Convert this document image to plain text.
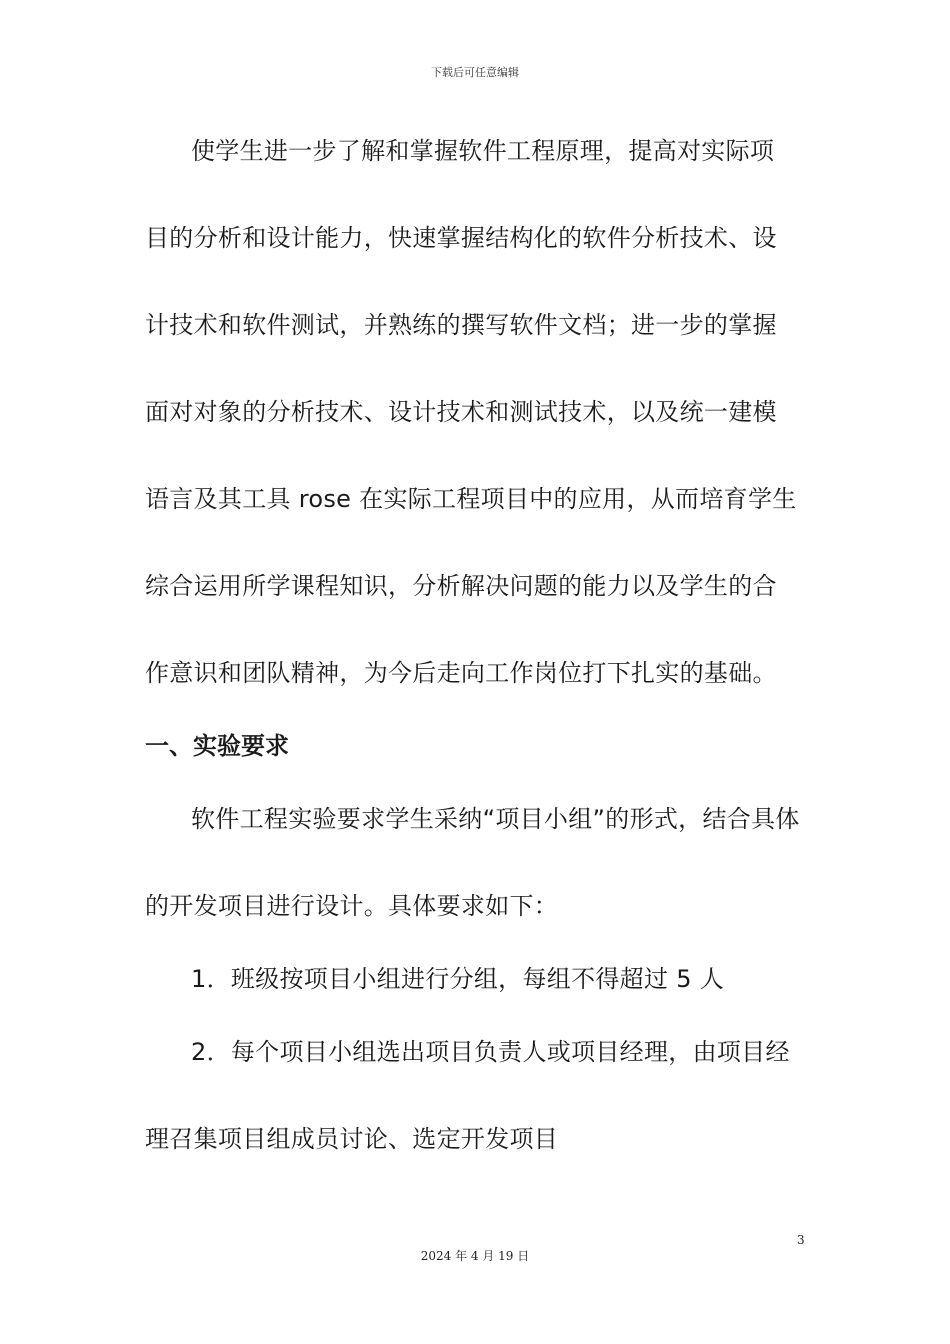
下载后可任意编辑
使学生进一步了解和掌握软件工程原理，提高对实际项
目的分析和设计能力，快速掌握结构化的软件分析技术、设
计技术和软件测试，并熟练的撰写软件文档；进一步的掌握
面对对象的分析技术、设计技术和测试技术，以及统一建模
语言及其工具 rose 在实际工程项目中的应用，从而培育学生
综合运用所学课程知识，分析解决问题的能力以及学生的合
作意识和团队精神，为今后走向工作岗位打下扎实的基础。
一、实验要求
软件工程实验要求学生采纳“项目小组”的形式，结合具体
的开发项目进行设计。具体要求如下：
1．班级按项目小组进行分组，每组不得超过 5 人
2．每个项目小组选出项目负责人或项目经理，由项目经
理召集项目组成员讨论、选定开发项目
3
2024 年 4 月 19 日
